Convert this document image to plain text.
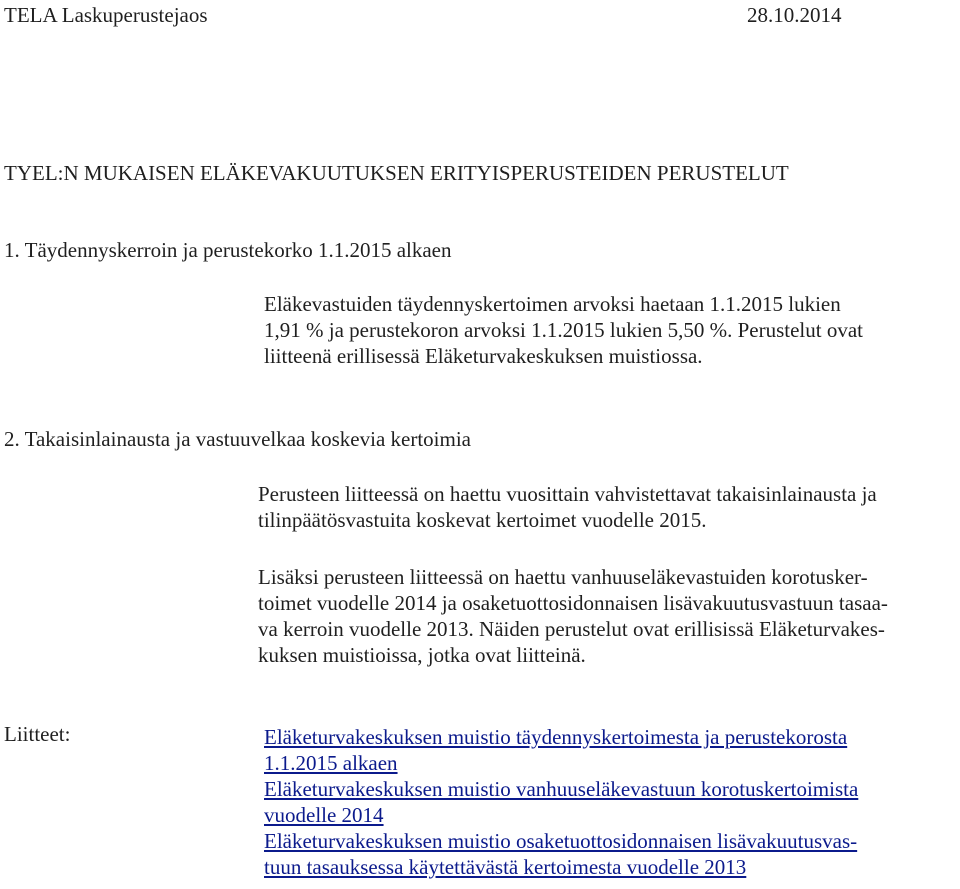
TELA Laskuperustejaos	28.10.2014
TYEL:N MUKAISEN ELÄKEVAKUUTUKSEN ERITYISPERUSTEIDEN PERUSTELUT
1. Täydennyskerroin ja perustekorko 1.1.2015 alkaen
Eläkevastuiden täydennyskertoimen arvoksi haetaan 1.1.2015 lukien
1,91 % ja perustekoron arvoksi 1.1.2015 lukien 5,50 %. Perustelut ovat
liitteenä erillisessä Eläketurvakeskuksen muistiossa.
2. Takaisinlainausta ja vastuuvelkaa koskevia kertoimia
Perusteen liitteessä on haettu vuosittain vahvistettavat takaisinlainausta ja
tilinpäätösvastuita koskevat kertoimet vuodelle 2015.
Lisäksi perusteen liitteessä on haettu vanhuuseläkevastuiden korotusker-
toimet vuodelle 2014 ja osaketuottosidonnaisen lisävakuutusvastuun tasaa-
va kerroin vuodelle 2013. Näiden perustelut ovat erillisissä Eläketurvakes-
kuksen muistioissa, jotka ovat liitteinä.
Liitteet:	Eläketurvakeskuksen muistio täydennyskertoimesta ja perustekorosta
1.1.2015 alkaen
Eläketurvakeskuksen muistio vanhuuseläkevastuun korotuskertoimista
vuodelle 2014
Eläketurvakeskuksen muistio osaketuottosidonnaisen lisävakuutusvas-
tuun tasauksessa käytettävästä kertoimesta vuodelle 2013
